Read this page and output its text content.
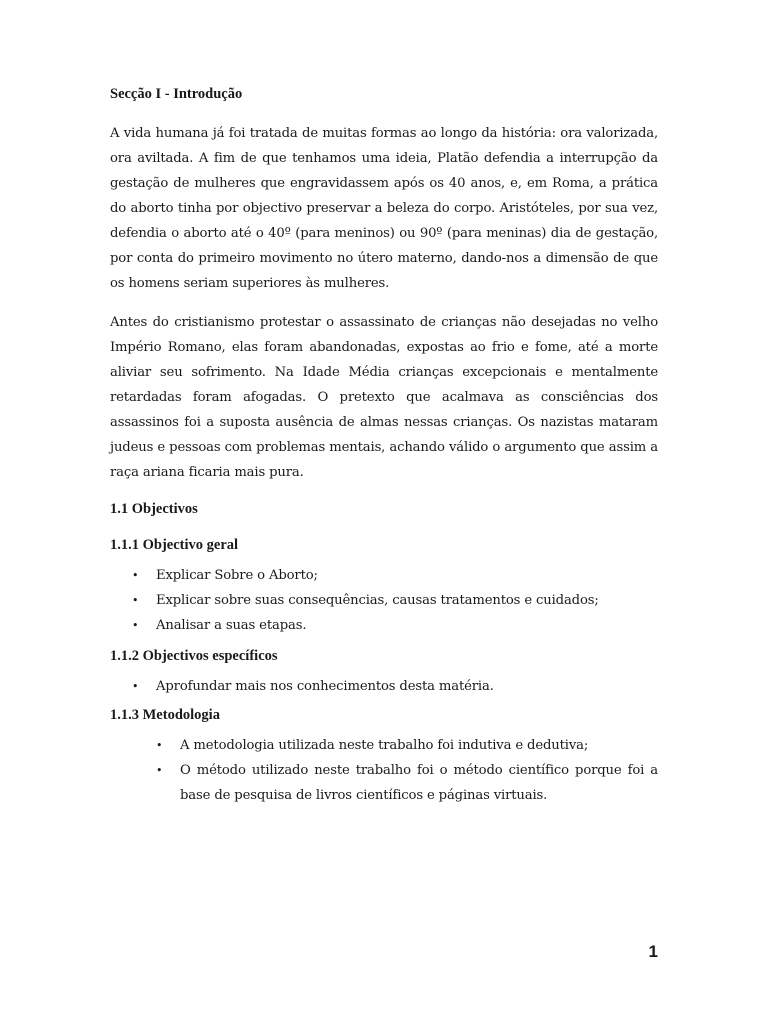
Secção I - Introdução

A vida humana já foi tratada de muitas formas ao longo da história: ora valorizada, ora aviltada. A fim de que tenhamos uma ideia, Platão defendia a interrupção da gestação de mulheres que engravidassem após os 40 anos, e, em Roma, a prática do aborto tinha por objectivo preservar a beleza do corpo. Aristóteles, por sua vez, defendia o aborto até o 40º (para meninos) ou 90º (para meninas) dia de gestação, por conta do primeiro movimento no útero materno, dando-nos a dimensão de que os homens seriam superiores às mulheres.

Antes do cristianismo protestar o assassinato de crianças não desejadas no velho Império Romano, elas foram abandonadas, expostas ao frio e fome, até a morte aliviar seu sofrimento. Na Idade Média crianças excepcionais e mentalmente retardadas foram afogadas. O pretexto que acalmava as consciências dos assassinos foi a suposta ausência de almas nessas crianças. Os nazistas mataram judeus e pessoas com problemas mentais, achando válido o argumento que assim a raça ariana ficaria mais pura.

1.1 Objectivos
1.1.1 Objectivo geral
• Explicar Sobre o Aborto;
• Explicar sobre suas consequências, causas tratamentos e cuidados;
• Analisar a suas etapas.
1.1.2 Objectivos específicos
• Aprofundar mais nos conhecimentos desta matéria.
1.1.3 Metodologia
• A metodologia utilizada neste trabalho foi indutiva e dedutiva;
• O método utilizado neste trabalho foi o método científico porque foi a base de pesquisa de livros científicos e páginas virtuais.
1
